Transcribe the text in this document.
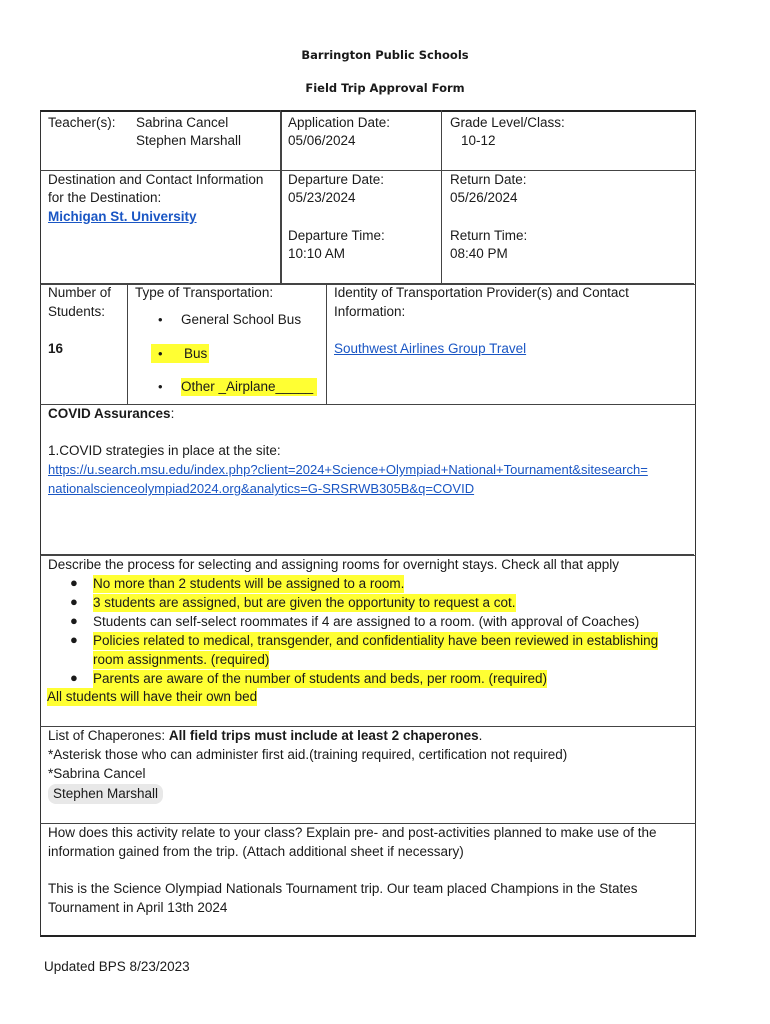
Barrington Public Schools
Field Trip Approval Form
Teacher(s): Sabrina Cancel
Stephen Marshall
Application Date:
05/06/2024
Grade Level/Class:
10-12
Destination and Contact Information
for the Destination:
Michigan St. University
Departure Date:
05/23/2024
Return Date:
05/26/2024
Departure Time:
10:10 AM
Return Time:
08:40 PM
Number of
Students:
16
Type of Transportation:
• General School Bus
• Bus
• Other _Airplane_____
Identity of Transportation Provider(s) and Contact
Information:
Southwest Airlines Group Travel
COVID Assurances:
1.COVID strategies in place at the site:
https://u.search.msu.edu/index.php?client=2024+Science+Olympiad+National+Tournament&sitesearch=
nationalscienceolympiad2024.org&analytics=G-SRSRWB305B&q=COVID
Describe the process for selecting and assigning rooms for overnight stays. Check all that apply
● No more than 2 students will be assigned to a room.
● 3 students are assigned, but are given the opportunity to request a cot.
● Students can self-select roommates if 4 are assigned to a room. (with approval of Coaches)
● Policies related to medical, transgender, and confidentiality have been reviewed in establishing
room assignments. (required)
● Parents are aware of the number of students and beds, per room. (required)
All students will have their own bed
List of Chaperones: All field trips must include at least 2 chaperones.
*Asterisk those who can administer first aid.(training required, certification not required)
*Sabrina Cancel
Stephen Marshall
How does this activity relate to your class? Explain pre- and post-activities planned to make use of the
information gained from the trip. (Attach additional sheet if necessary)
This is the Science Olympiad Nationals Tournament trip. Our team placed Champions in the States
Tournament in April 13th 2024
Updated BPS 8/23/2023
